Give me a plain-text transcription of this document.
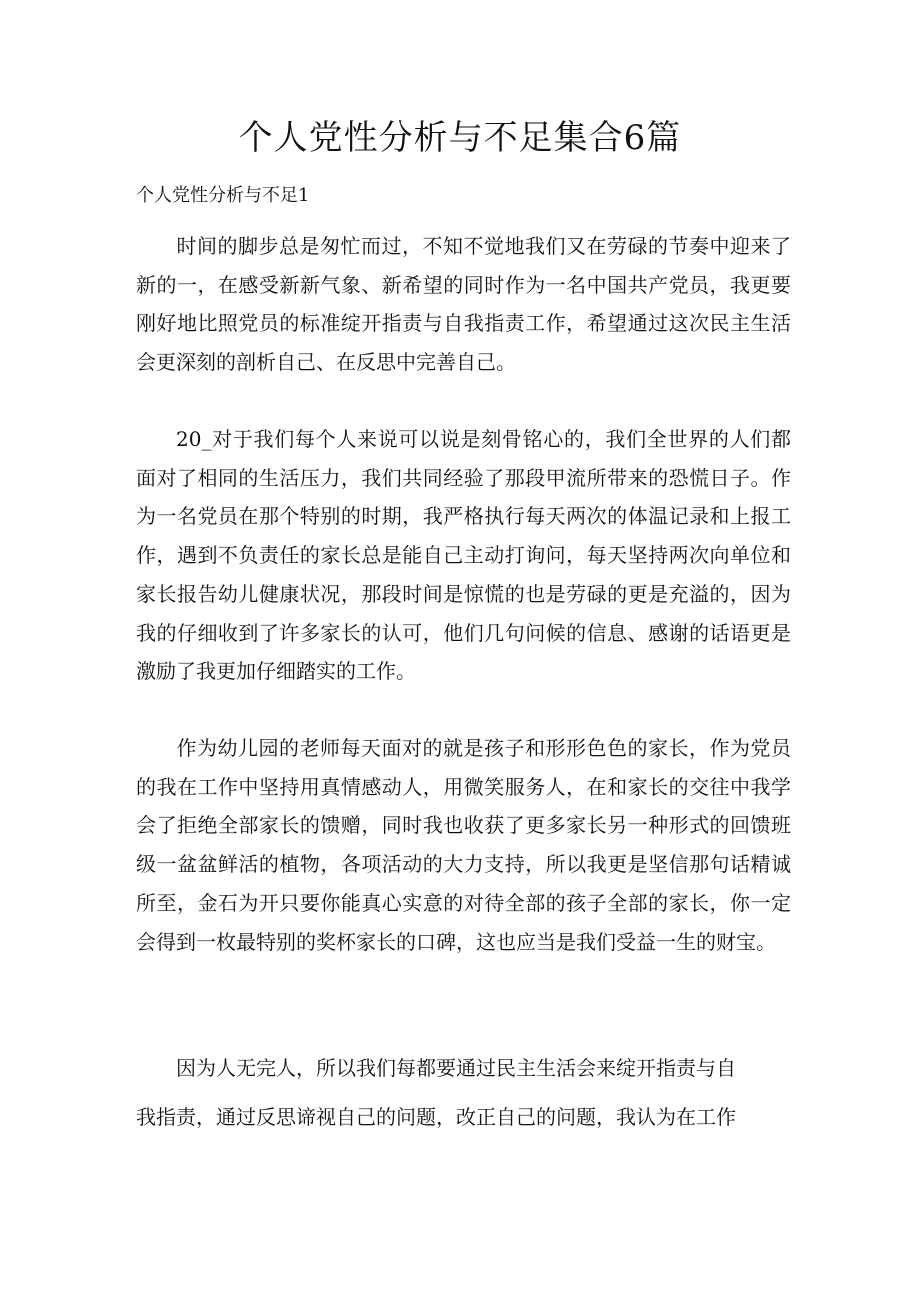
个人党性分析与不足集合6篇

个人党性分析与不足1

时间的脚步总是匆忙而过，不知不觉地我们又在劳碌的节奏中迎来了新的一，在感受新新气象、新希望的同时作为一名中国共产党员，我更要刚好地比照党员的标准绽开指责与自我指责工作，希望通过这次民主生活会更深刻的剖析自己、在反思中完善自己。

20_对于我们每个人来说可以说是刻骨铭心的，我们全世界的人们都面对了相同的生活压力，我们共同经验了那段甲流所带来的恐慌日子。作为一名党员在那个特别的时期，我严格执行每天两次的体温记录和上报工作，遇到不负责任的家长总是能自己主动打询问，每天坚持两次向单位和家长报告幼儿健康状况，那段时间是惊慌的也是劳碌的更是充溢的，因为我的仔细收到了许多家长的认可，他们几句问候的信息、感谢的话语更是激励了我更加仔细踏实的工作。

作为幼儿园的老师每天面对的就是孩子和形形色色的家长，作为党员的我在工作中坚持用真情感动人，用微笑服务人，在和家长的交往中我学会了拒绝全部家长的馈赠，同时我也收获了更多家长另一种形式的回馈班级一盆盆鲜活的植物，各项活动的大力支持，所以我更是坚信那句话精诚所至，金石为开只要你能真心实意的对待全部的孩子全部的家长，你一定会得到一枚最特别的奖杯家长的口碑，这也应当是我们受益一生的财宝。

因为人无完人，所以我们每都要通过民主生活会来绽开指责与自

我指责，通过反思谛视自己的问题，改正自己的问题，我认为在工作
